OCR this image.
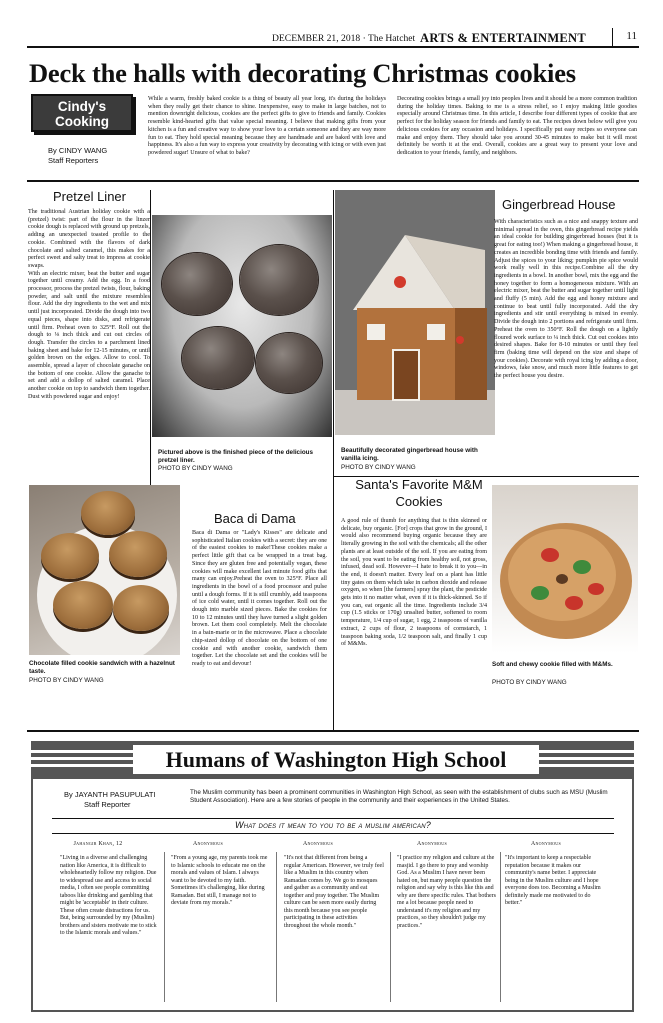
DECEMBER 21, 2018 · The Hatchet ARTS & ENTERTAINMENT	11
Deck the halls with decorating Christmas cookies
Cindy's
Cooking
By CINDY WANG
Staff Reporters
While a warm, freshly baked cookie is a thing of beauty all year long, it's during the holidays when they really get their chance to shine. Inexpensive, easy to make in large batches, not to mention downright delicious, cookies are the perfect gifts to give to friends and family. Cookies resemble kind-hearted gifts that value special meaning. I believe that making gifts from your kitchen is a fun and creative way to show your love to a certain someone and they are way more fun to eat. They hold special meaning because they are handmade and are baked with love and happiness. It's also a fun way to express your creativity by decorating with icing or with even just powdered sugar! Unsure of what to bake?
Decorating cookies brings a small joy into peoples lives and it should be a more common tradition during the holiday times. Baking to me is a stress relief, so I enjoy making little goodies especially around Christmas time. In this article, I describe four different types of cookie that are perfect for the holiday season for friends and family to eat. The recipes down below will give you delicious cookies for any occasion and holidays. I specifically put easy recipes so everyone can make and enjoy them. They should take you around 30-45 minutes to make but it will most definitely be worth it at the end. Overall, cookies are a great way to present your love and dedication to your friends, family, and neighbors.
Pretzel Liner
The traditional Austrian holiday cookie with a (pretzel) twist: part of the flour in the linzer cookie dough is replaced with ground up pretzels, adding an unexpected toasted profile to the cookie. Combined with the flavors of dark chocolate and salted caramel, this makes for a perfect sweet and salty treat to impress at cookie swaps.
With an electric mixer, beat the butter and sugar together until creamy. Add the egg. In a food processor, process the pretzel twists, flour, baking powder, and salt until the mixture resembles flour. Add the dry ingredients to the wet and mix until just incorporated. Divide the dough into two equal pieces, shape into disks, and refrigerate until firm. Preheat oven to 325°F. Roll out the dough to ⅛ inch thick and cut out circles of dough. Transfer the circles to a parchment lined baking sheet and bake for 12-15 minutes, or until golden brown on the edges. Allow to cool. To assemble, spread a layer of chocolate ganache on the bottom of one cookie. Allow the ganache to set and add a dollop of salted caramel. Place another cookie on top to sandwich them together. Dust with powdered sugar and enjoy!
Pictured above is the finished piece of the delicious pretzel liner.
PHOTO BY CINDY WANG
Gingerbread House
With characteristics such as a nice and snappy texture and minimal spread in the oven, this gingerbread recipe yields an ideal cookie for building gingerbread houses (but it is great for eating too!) When making a gingerbread house, it creates an incredible bonding time with friends and family. Adjust the spices to your liking; pumpkin pie spice would work really well in this recipe.Combine all the dry ingredients in a bowl. In another bowl, mix the egg and the honey together to form a homogeneous mixture. With an electric mixer, beat the butter and sugar together until light and fluffy (5 min). Add the egg and honey mixture and continue to beat until fully incorporated. Add the dry ingredients and stir until everything is mixed in evenly. Divide the dough into 2 portions and refrigerate until firm. Preheat the oven to 350°F. Roll the dough on a lightly floured work surface to ¼ inch thick. Cut out cookies into desired shapes. Bake for 8-10 minutes or until they feel firm (baking time will depend on the size and shape of your cookies). Decorate with royal icing by adding a door, windows, fake snow, and much more little features to get the perfect house you desire.
Beautifully decorated gingerbread house with vanilla icing.
PHOTO BY CINDY WANG
Chocolate filled cookie sandwich with a hazelnut taste.
PHOTO BY CINDY WANG
Baca di Dama
Baca di Dama or "Lady's Kisses" are delicate and sophisticated Italian cookies with a secret: they are one of the easiest cookies to make!These cookies make a perfect little gift that ca be wrapped in a treat bag. Since they are gluten free and potentially vegan, these cookies will make excellent last minute food gifts that many can enjoy.Preheat the oven to 325°F. Place all ingredients in the bowl of a food processor and pulse until a dough forms. If it is still crumbly, add teaspoons of ice cold water, until it comes together. Roll out the dough into marble sized pieces. Bake the cookies for 10 to 12 minutes until they have turned a slight golden brown. Let them cool completely. Melt the chocolate in a bain-marie or in the microwave. Place a chocolate chip-sized dollop of chocolate on the bottom of one cookie and with another cookie, sandwich them together. Let the chocolate set and the cookies will be ready to eat and devour!
Santa's Favorite M&M Cookies
A good rule of thumb for anything that is thin skinned or delicate, buy organic. [For] crops that grow in the ground, I would also recommend buying organic because they are literally growing in the soil with the chemicals; all the other plants are at least outside of the soil. If you are eating from the soil, you want to be eating from healthy soil, not gross, infused, dead soil. However—I hate to break it to you—in the end, it doesn't matter. Every leaf on a plant has little tiny gates on them which take in carbon dioxide and release oxygen, so when [the farmers] spray the plant, the pesticide gets into it no matter what, even if it is thick-skinned. So if you can, eat organic all the time. Ingredients include 3/4 cup (1.5 sticks or 170g) unsalted butter, softened to room temperature, 1/4 cup of sugar, 1 egg, 2 teaspoons of vanilla extract, 2 cups of flour, 2 teaspoons of cornstarch, 1 teaspoon baking soda, 1/2 teaspoon salt, and finally 1 cup of M&Ms.
Soft and chewy cookie filled with M&Ms.
PHOTO BY CINDY WANG
Humans of Washington High School
By JAYANTH PASUPULATI
Staff Reporter
The Muslim community has been a prominent communities in Washington High School, as seen with the establishment of clubs such as MSU (Muslim Student Association). Here are a few stories of people in the community and their experiences in the United States.
What does it mean to you to be a muslim american?
Jahangir Khan, 12
"Living in a diverse and challenging nation like America, it is difficult to wholeheartedly follow my religion. Due to widespread use and access to social media, I often see people committing taboos like drinking and gambling that might be 'acceptable' in their culture. These often create distractions for us. But, being surrounded by my (Muslim) brothers and sisters motivate me to stick to the Islamic morals and values."
Anonymous
"From a young age, my parents took me to Islamic schools to educate me on the morals and values of Islam. I always want to be devoted to my faith. Sometimes it's challenging, like during Ramadan. But still, I manage not to deviate from my morals."
Anonymous
"It's not that different from being a regular American. However, we truly feel like a Muslim in this country when Ramadan comes by. We go to mosques and gather as a community and eat together and pray together. The Muslim culture can be seen more easily during this month because you see people participating in these activities throughout the whole month."
Anonymous
"I practice my religion and culture at the masjid. I go there to pray and worship God. As a Muslim I have never been hated on, but many people question the religion and say why is this like this and why are there specific rules. That bothers me a lot because people need to understand it's my religion and my practices, so they shouldn't judge my practices."
Anonymous
"It's important to keep a respectable reputation because it makes our community's name better. I appreciate being in the Muslim culture and I hope everyone does too. Becoming a Muslim definitely made me motivated to do better."
